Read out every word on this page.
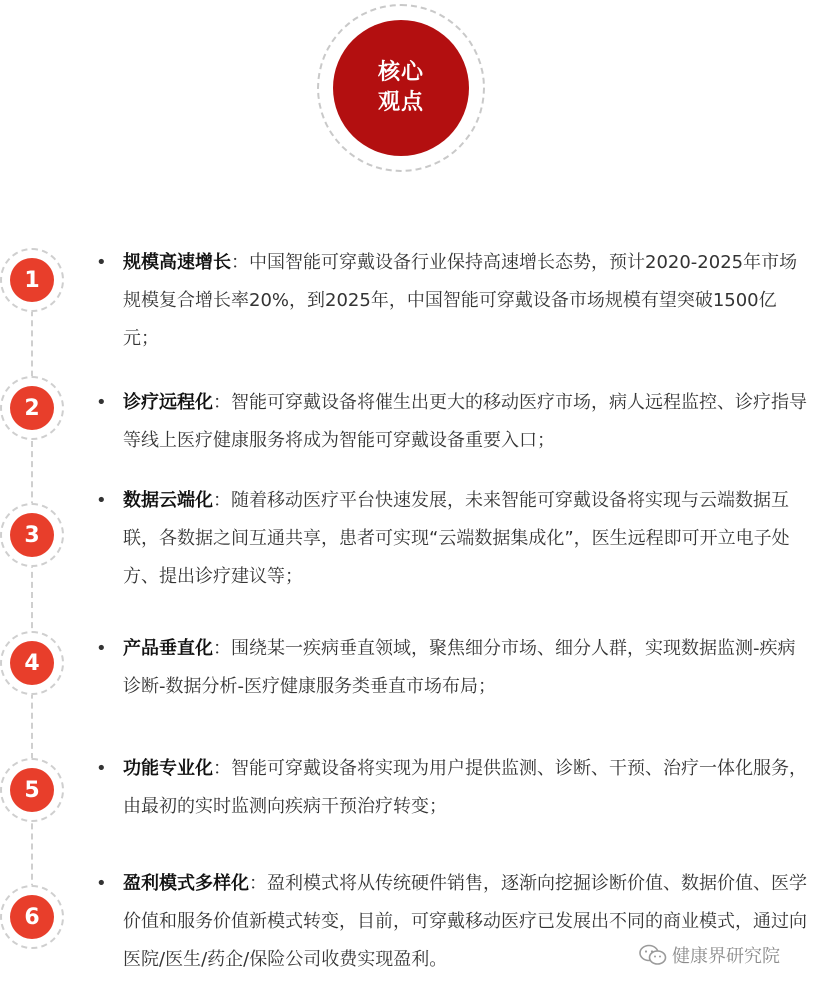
核心
观点
1
2
3
4
5
6
• 规模高速增长：中国智能可穿戴设备行业保持高速增长态势，预计2020-2025年市场规模复合增长率20%，到2025年，中国智能可穿戴设备市场规模有望突破1500亿元；
• 诊疗远程化：智能可穿戴设备将催生出更大的移动医疗市场，病人远程监控、诊疗指导等线上医疗健康服务将成为智能可穿戴设备重要入口；
• 数据云端化：随着移动医疗平台快速发展，未来智能可穿戴设备将实现与云端数据互联，各数据之间互通共享，患者可实现“云端数据集成化”，医生远程即可开立电子处方、提出诊疗建议等；
• 产品垂直化：围绕某一疾病垂直领域，聚焦细分市场、细分人群，实现数据监测-疾病诊断-数据分析-医疗健康服务类垂直市场布局；
• 功能专业化：智能可穿戴设备将实现为用户提供监测、诊断、干预、治疗一体化服务，由最初的实时监测向疾病干预治疗转变；
• 盈利模式多样化：盈利模式将从传统硬件销售，逐渐向挖掘诊断价值、数据价值、医学价值和服务价值新模式转变，目前，可穿戴移动医疗已发展出不同的商业模式，通过向医院/医生/药企/保险公司收费实现盈利。	健康界研究院
